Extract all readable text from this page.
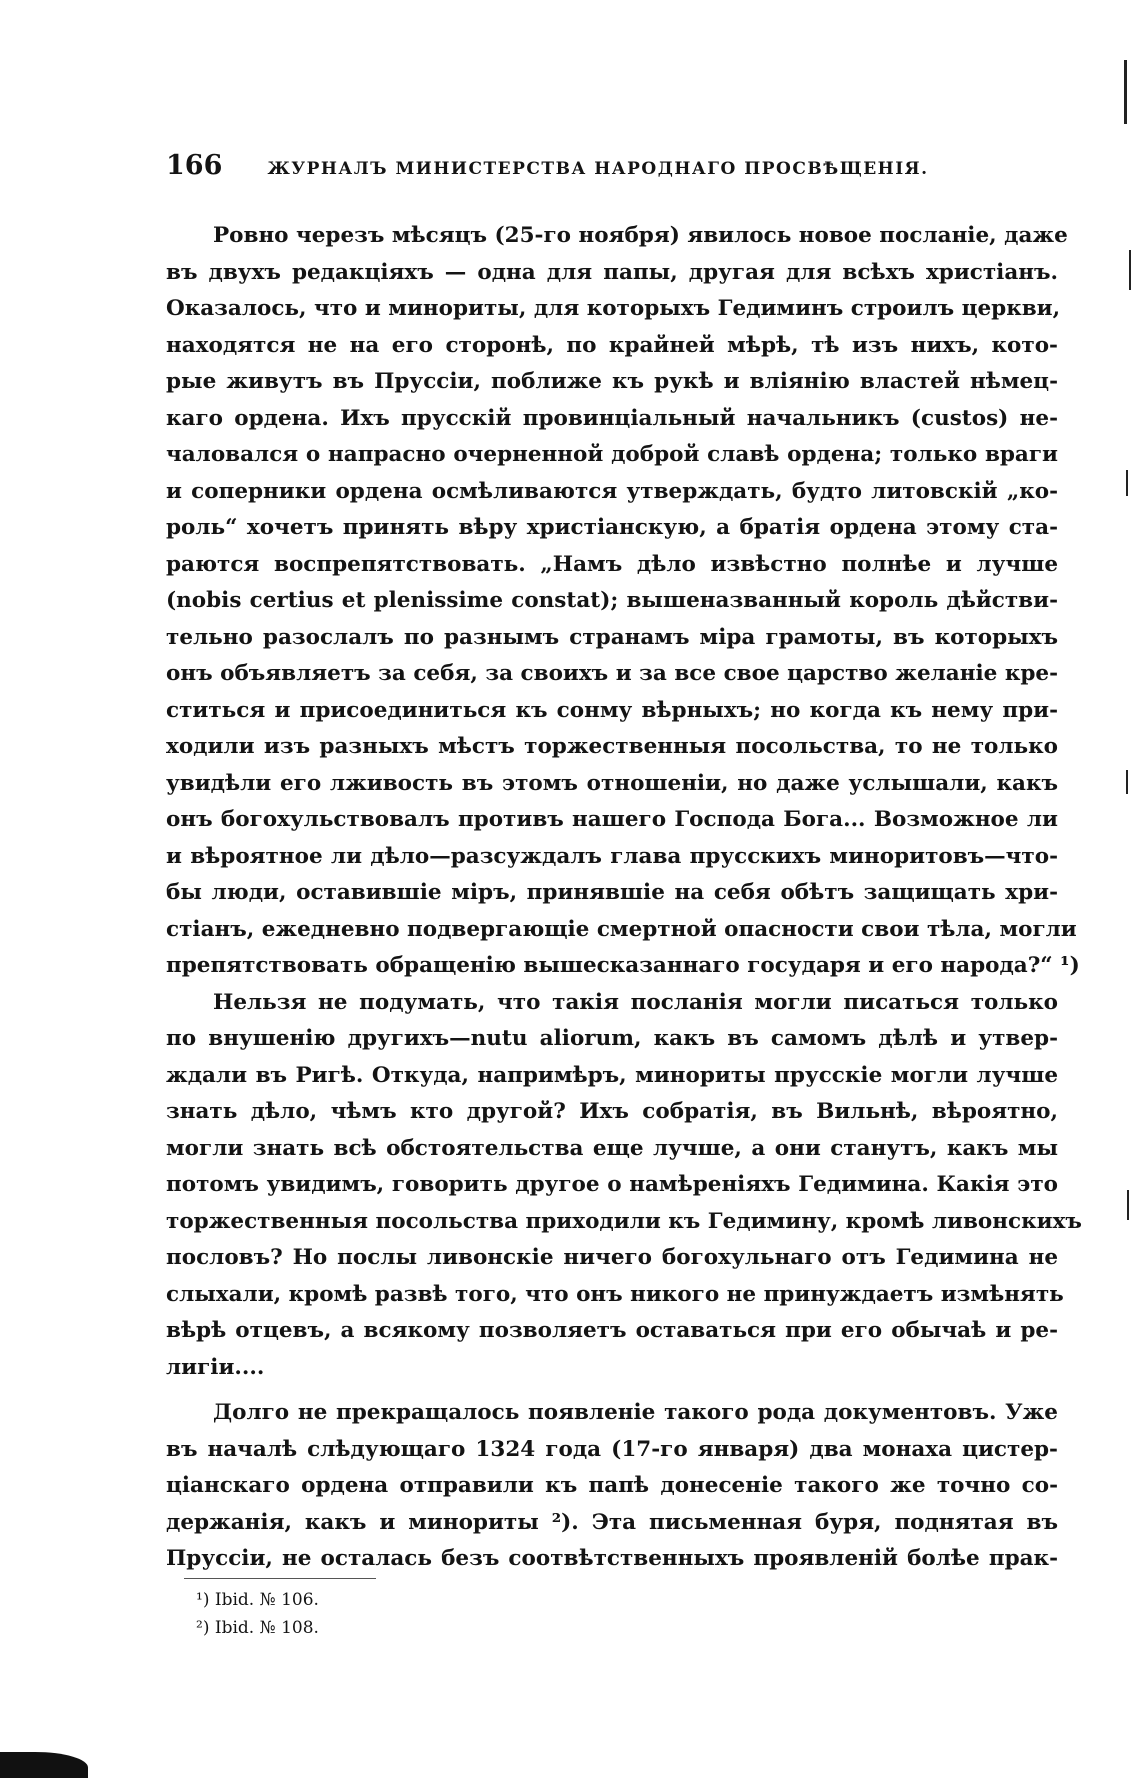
166	ЖУРНАЛЪ МИНИСТЕРСТВА НАРОДНАГО ПРОСВѢЩЕНІЯ.
Ровно черезъ мѣсяцъ (25-го ноября) явилось новое посланіе, даже
въ двухъ редакціяхъ — одна для папы, другая для всѣхъ христіанъ.
Оказалось, что и минориты, для которыхъ Гедиминъ строилъ церкви,
находятся не на его сторонѣ, по крайней мѣрѣ, тѣ изъ нихъ, кото-
рые живутъ въ Пруссіи, поближе къ рукѣ и вліянію властей нѣмец-
каго ордена. Ихъ прусскій провинціальный начальникъ (custos) не-
чаловался о напрасно очерненной доброй славѣ ордена; только враги
и соперники ордена осмѣливаются утверждать, будто литовскій „ко-
роль“ хочетъ принять вѣру христіанскую, а братія ордена этому ста-
раются воспрепятствовать. „Намъ дѣло извѣстно полнѣе и лучше
(nobis certius et plenissime constat); вышеназванный король дѣйстви-
тельно разослалъ по разнымъ странамъ міра грамоты, въ которыхъ
онъ объявляетъ за себя, за своихъ и за все свое царство желаніе кре-
ститься и присоединиться къ сонму вѣрныхъ; но когда къ нему при-
ходили изъ разныхъ мѣстъ торжественныя посольства, то не только
увидѣли его лживость въ этомъ отношеніи, но даже услышали, какъ
онъ богохульствовалъ противъ нашего Господа Бога... Возможное ли
и вѣроятное ли дѣло—разсуждалъ глава прусскихъ миноритовъ—что-
бы люди, оставившіе міръ, принявшіе на себя обѣтъ защищать хри-
стіанъ, ежедневно подвергающіе смертной опасности свои тѣла, могли
препятствовать обращенію вышесказаннаго государя и его народа?“ ¹)
Нельзя не подумать, что такія посланія могли писаться только
по внушенію другихъ—nutu aliorum, какъ въ самомъ дѣлѣ и утвер-
ждали въ Ригѣ. Откуда, напримѣръ, минориты прусскіе могли лучше
знать дѣло, чѣмъ кто другой? Ихъ собратія, въ Вильнѣ, вѣроятно,
могли знать всѣ обстоятельства еще лучше, а они станутъ, какъ мы
потомъ увидимъ, говорить другое о намѣреніяхъ Гедимина. Какія это
торжественныя посольства приходили къ Гедимину, кромѣ ливонскихъ
пословъ? Но послы ливонскіе ничего богохульнаго отъ Гедимина не
слыхали, кромѣ развѣ того, что онъ никого не принуждаетъ измѣнять
вѣрѣ отцевъ, а всякому позволяетъ оставаться при его обычаѣ и ре-
лигіи....
Долго не прекращалось появленіе такого рода документовъ. Уже
въ началѣ слѣдующаго 1324 года (17-го января) два монаха цистер-
ціанскаго ордена отправили къ папѣ донесеніе такого же точно со-
держанія, какъ и минориты ²). Эта письменная буря, поднятая въ
Пруссіи, не осталась безъ соотвѣтственныхъ проявленій болѣе прак-
¹) Ibid. № 106.
²) Ibid. № 108.
